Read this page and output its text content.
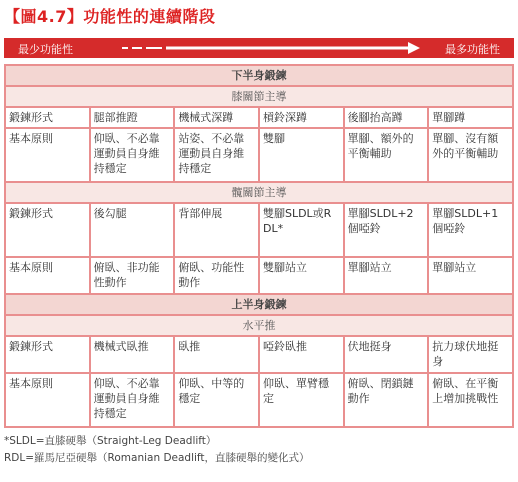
【圖4.7】功能性的連續階段
最少功能性	最多功能性
下半身鍛鍊					
膝關節主導					
鍛鍊形式	腿部推蹬	機械式深蹲	槓鈴深蹲	後腳抬高蹲	單腳蹲
基本原則	仰臥、不必靠運動員自身維持穩定	站姿、不必靠運動員自身維持穩定	雙腳	單腳、額外的平衡輔助	單腳、沒有額外的平衡輔助
髖關節主導					
鍛鍊形式	後勾腿	背部伸展	雙腳SLDL或RDL*	單腳SLDL+2個啞鈴	單腳SLDL+1個啞鈴
基本原則	俯臥、非功能性動作	俯臥、功能性動作	雙腳站立	單腳站立	單腳站立
上半身鍛鍊					
水平推					
鍛鍊形式	機械式臥推	臥推	啞鈴臥推	伏地挺身	抗力球伏地挺身
基本原則	仰臥、不必靠運動員自身維持穩定	仰臥、中等的穩定	仰臥、單臂穩定	俯臥、閉鎖鏈動作	俯臥、在平衡上增加挑戰性
*SLDL=直膝硬舉（Straight-Leg Deadlift）
RDL=羅馬尼亞硬舉（Romanian Deadlift，直膝硬舉的變化式）
